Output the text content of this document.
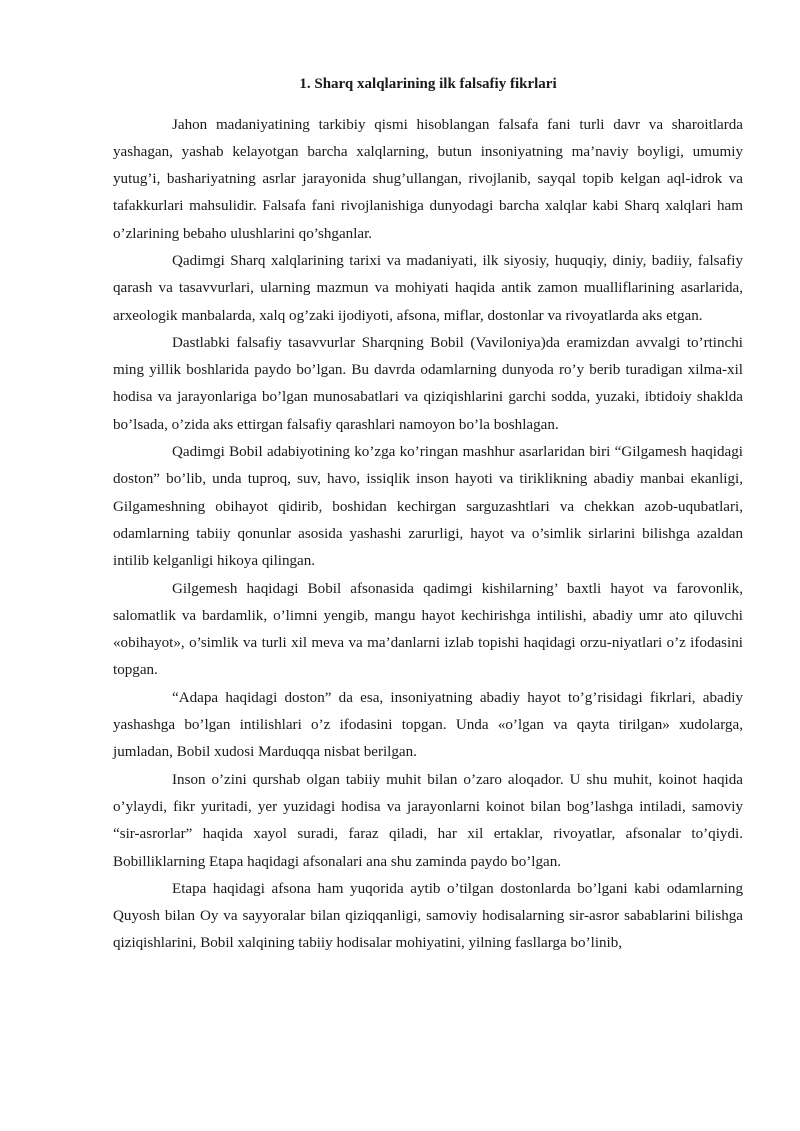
1. Sharq xalqlarining ilk falsafiy fikrlari

Jahon madaniyatining tarkibiy qismi hisoblangan falsafa fani turli davr va sharoitlarda yashagan, yashab kelayotgan barcha xalqlarning, butun insoniyatning ma’naviy boyligi, umumiy yutug’i, bashariyatning asrlar jarayonida shug’ullangan, rivojlanib, sayqal topib kelgan aql-idrok va tafakkurlari mahsulidir. Falsafa fani rivojlanishiga dunyodagi barcha xalqlar kabi Sharq xalqlari ham o’zlarining bebaho ulushlarini qo’shganlar.

Qadimgi Sharq xalqlarining tarixi va madaniyati, ilk siyosiy, huquqiy, diniy, badiiy, falsafiy qarash va tasavvurlari, ularning mazmun va mohiyati haqida antik zamon mualliflarining asarlarida, arxeologik manbalarda, xalq og’zaki ijodiyoti, afsona, miflar, dostonlar va rivoyatlarda aks etgan.

Dastlabki falsafiy tasavvurlar Sharqning Bobil (Vaviloniya)da eramizdan avvalgi to’rtinchi ming yillik boshlarida paydo bo’lgan. Bu davrda odamlarning dunyoda ro’y berib turadigan xilma-xil hodisa va jarayonlariga bo’lgan munosabatlari va qiziqishlarini garchi sodda, yuzaki, ibtidoiy shaklda bo’lsada, o’zida aks ettirgan falsafiy qarashlari namoyon bo’la boshlagan.

Qadimgi Bobil adabiyotining ko’zga ko’ringan mashhur asarlaridan biri “Gilgamesh haqidagi doston” bo’lib, unda tuproq, suv, havo, issiqlik inson hayoti va tiriklikning abadiy manbai ekanligi, Gilgameshning obihayot qidirib, boshidan kechirgan sarguzashtlari va chekkan azob-uqubatlari, odamlarning tabiiy qonunlar asosida yashashi zarurligi, hayot va o’simlik sirlarini bilishga azaldan intilib kelganligi hikoya qilingan.

Gilgemesh haqidagi Bobil afsonasida qadimgi kishilarning’ baxtli hayot va farovonlik, salomatlik va bardamlik, o’limni yengib, mangu hayot kechirishga intilishi, abadiy umr ato qiluvchi «obihayot», o’simlik va turli xil meva va ma’danlarni izlab topishi haqidagi orzu-niyatlari o’z ifodasini topgan.

“Adapa haqidagi doston” da esa, insoniyatning abadiy hayot to’g’risidagi fikrlari, abadiy yashashga bo’lgan intilishlari o’z ifodasini topgan. Unda «o’lgan va qayta tirilgan» xudolarga, jumladan, Bobil xudosi Marduqqa nisbat berilgan.

Inson o’zini qurshab olgan tabiiy muhit bilan o’zaro aloqador. U shu muhit, koinot haqida o’ylaydi, fikr yuritadi, yer yuzidagi hodisa va jarayonlarni koinot bilan bog’lashga intiladi, samoviy “sir-asrorlar” haqida xayol suradi, faraz qiladi, har xil ertaklar, rivoyatlar, afsonalar to’qiydi. Bobilliklarning Etapa haqidagi afsonalari ana shu zaminda paydo bo’lgan.

Etapa haqidagi afsona ham yuqorida aytib o’tilgan dostonlarda bo’lgani kabi odamlarning Quyosh bilan Oy va sayyoralar bilan qiziqqanligi, samoviy hodisalarning sir-asror sabablarini bilishga qiziqishlarini, Bobil xalqining tabiiy hodisalar mohiyatini, yilning fasllarga bo’linib,
